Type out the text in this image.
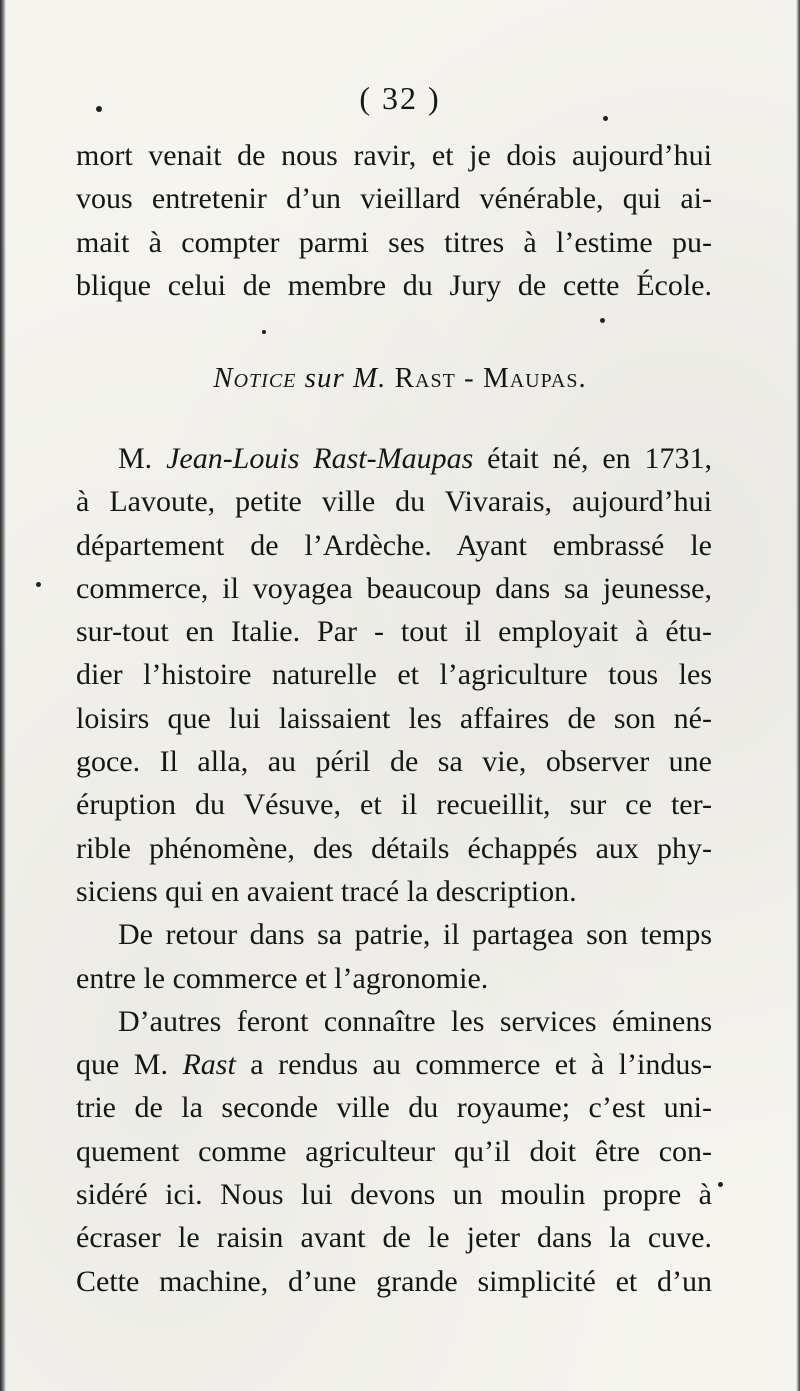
( 32 )
mort venait de nous ravir, et je dois aujourd’hui
vous entretenir d’un vieillard vénérable, qui ai-
mait à compter parmi ses titres à l’estime pu-
blique celui de membre du Jury de cette École.
Notice sur M. Rast - Maupas.
M. Jean-Louis Rast-Maupas était né, en 1731,
à Lavoute, petite ville du Vivarais, aujourd’hui
département de l’Ardèche. Ayant embrassé le
commerce, il voyagea beaucoup dans sa jeunesse,
sur-tout en Italie. Par - tout il employait à étu-
dier l’histoire naturelle et l’agriculture tous les
loisirs que lui laissaient les affaires de son né-
goce. Il alla, au péril de sa vie, observer une
éruption du Vésuve, et il recueillit, sur ce ter-
rible phénomène, des détails échappés aux phy-
siciens qui en avaient tracé la description.
De retour dans sa patrie, il partagea son temps
entre le commerce et l’agronomie.
D’autres feront connaître les services éminens
que M. Rast a rendus au commerce et à l’indus-
trie de la seconde ville du royaume; c’est uni-
quement comme agriculteur qu’il doit être con-
sidéré ici. Nous lui devons un moulin propre à
écraser le raisin avant de le jeter dans la cuve.
Cette machine, d’une grande simplicité et d’un
